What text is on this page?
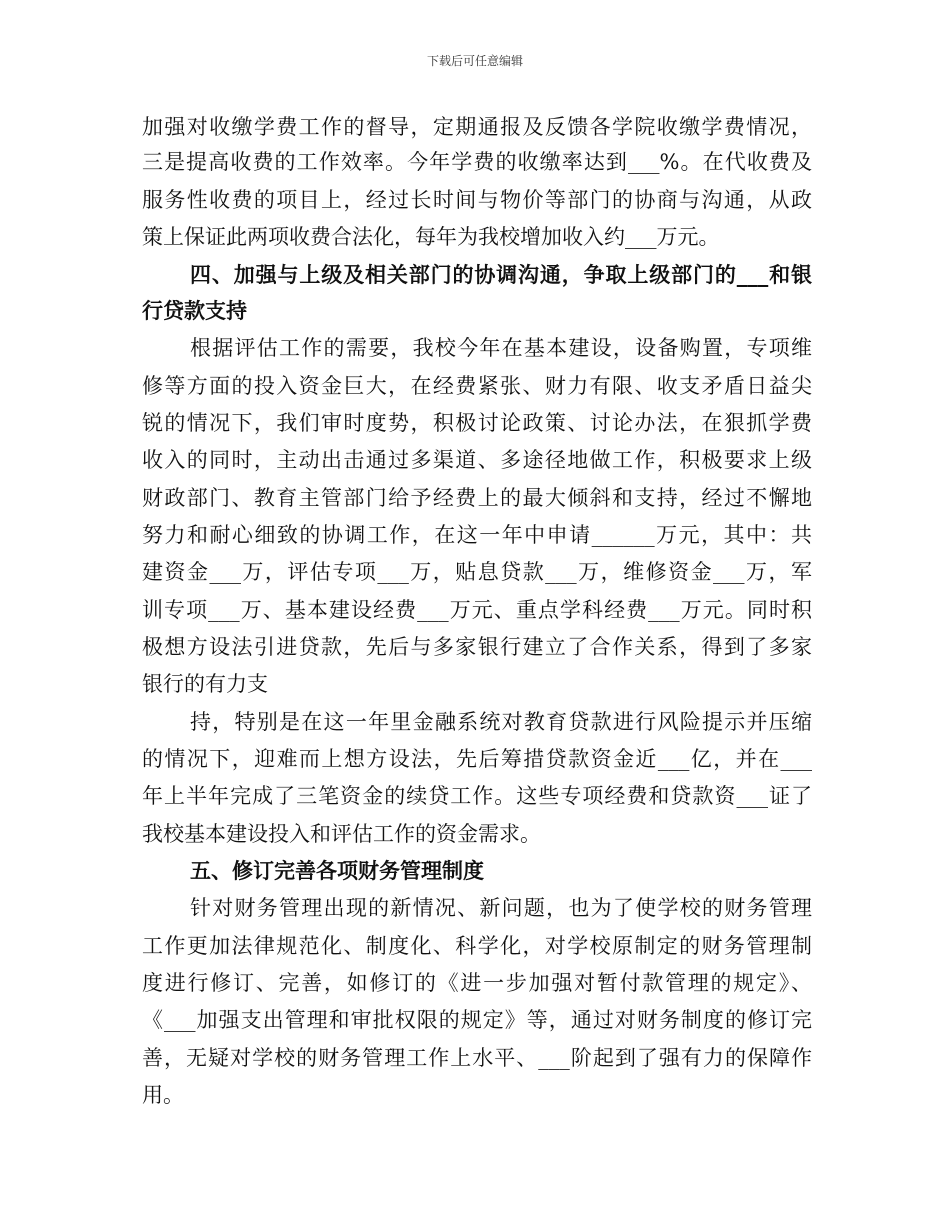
下载后可任意编辑
加强对收缴学费工作的督导，定期通报及反馈各学院收缴学费情况，
三是提高收费的工作效率。今年学费的收缴率达到___%。在代收费及
服务性收费的项目上，经过长时间与物价等部门的协商与沟通，从政
策上保证此两项收费合法化，每年为我校增加收入约___万元。
四、加强与上级及相关部门的协调沟通，争取上级部门的___和银
行贷款支持
根据评估工作的需要，我校今年在基本建设，设备购置，专项维
修等方面的投入资金巨大，在经费紧张、财力有限、收支矛盾日益尖
锐的情况下，我们审时度势，积极讨论政策、讨论办法，在狠抓学费
收入的同时，主动出击通过多渠道、多途径地做工作，积极要求上级
财政部门、教育主管部门给予经费上的最大倾斜和支持，经过不懈地
努力和耐心细致的协调工作，在这一年中申请______万元，其中：共
建资金___万，评估专项___万，贴息贷款___万，维修资金___万，军
训专项___万、基本建设经费___万元、重点学科经费___万元。同时积
极想方设法引进贷款，先后与多家银行建立了合作关系，得到了多家
银行的有力支
持，特别是在这一年里金融系统对教育贷款进行风险提示并压缩
的情况下，迎难而上想方设法，先后筹措贷款资金近___亿，并在___
年上半年完成了三笔资金的续贷工作。这些专项经费和贷款资___证了
我校基本建设投入和评估工作的资金需求。
五、修订完善各项财务管理制度
针对财务管理出现的新情况、新问题，也为了使学校的财务管理
工作更加法律规范化、制度化、科学化，对学校原制定的财务管理制
度进行修订、完善，如修订的《进一步加强对暂付款管理的规定》、
《___加强支出管理和审批权限的规定》等，通过对财务制度的修订完
善，无疑对学校的财务管理工作上水平、___阶起到了强有力的保障作
用。
